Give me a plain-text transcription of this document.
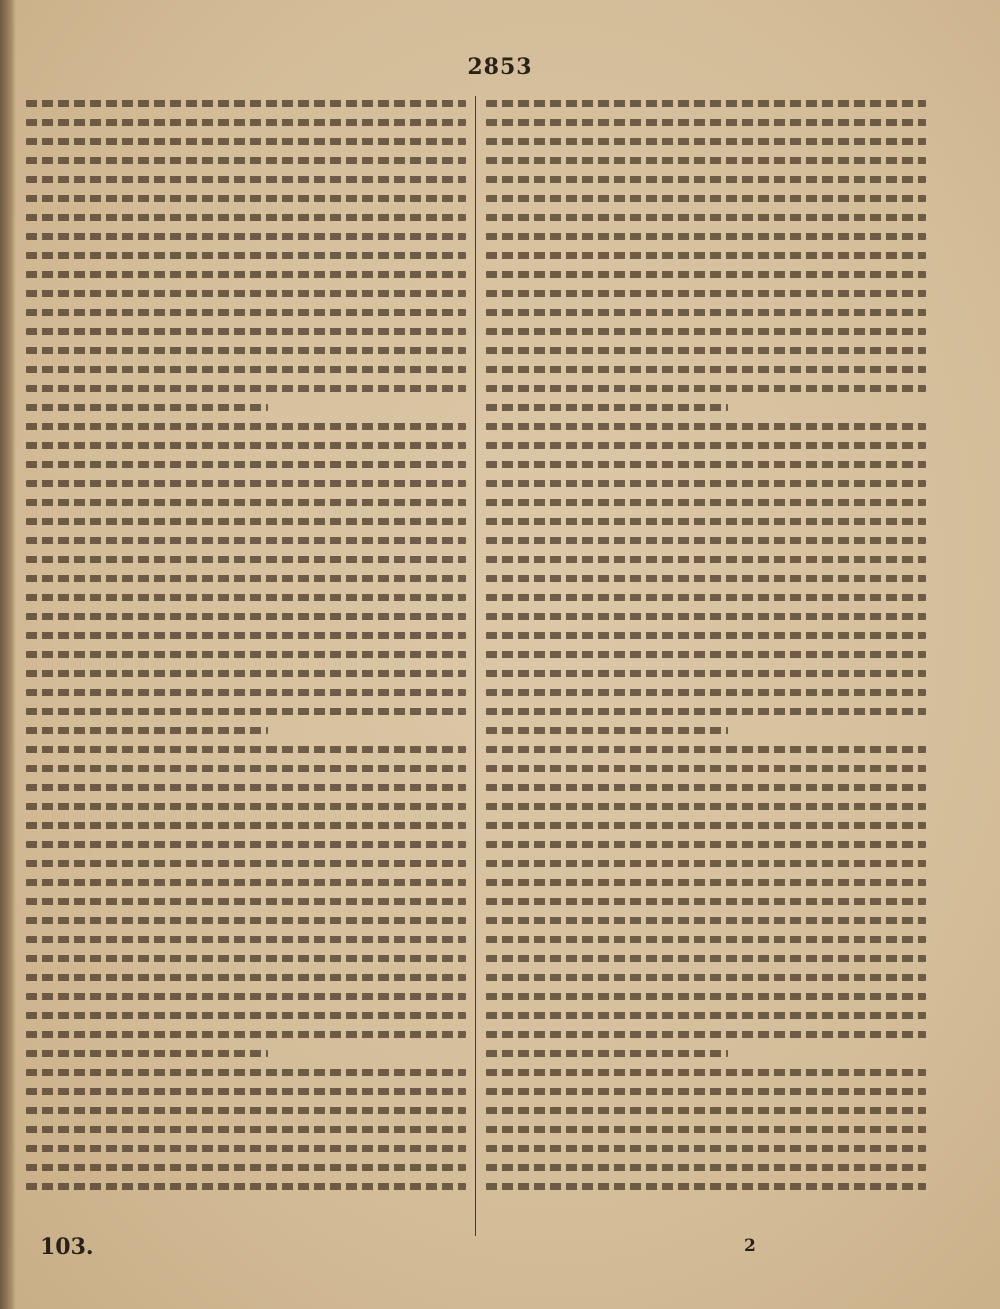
2853
103.	2
